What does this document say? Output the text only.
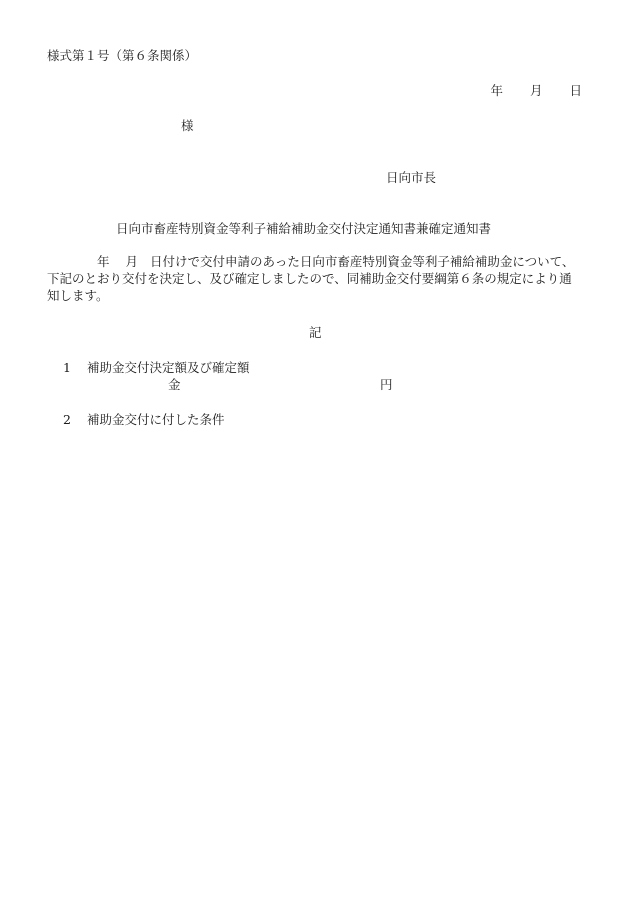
様式第１号（第６条関係）
年 月 日
様
日向市長
日向市畜産特別資金等利子補給補助金交付決定通知書兼確定通知書
　　　　年 月 日付けで交付申請のあった日向市畜産特別資金等利子補給補助金について、下記のとおり交付を決定し、及び確定しましたので、同補助金交付要綱第６条の規定により通知します。
記
1 補助金交付決定額及び確定額
金	円
2 補助金交付に付した条件
